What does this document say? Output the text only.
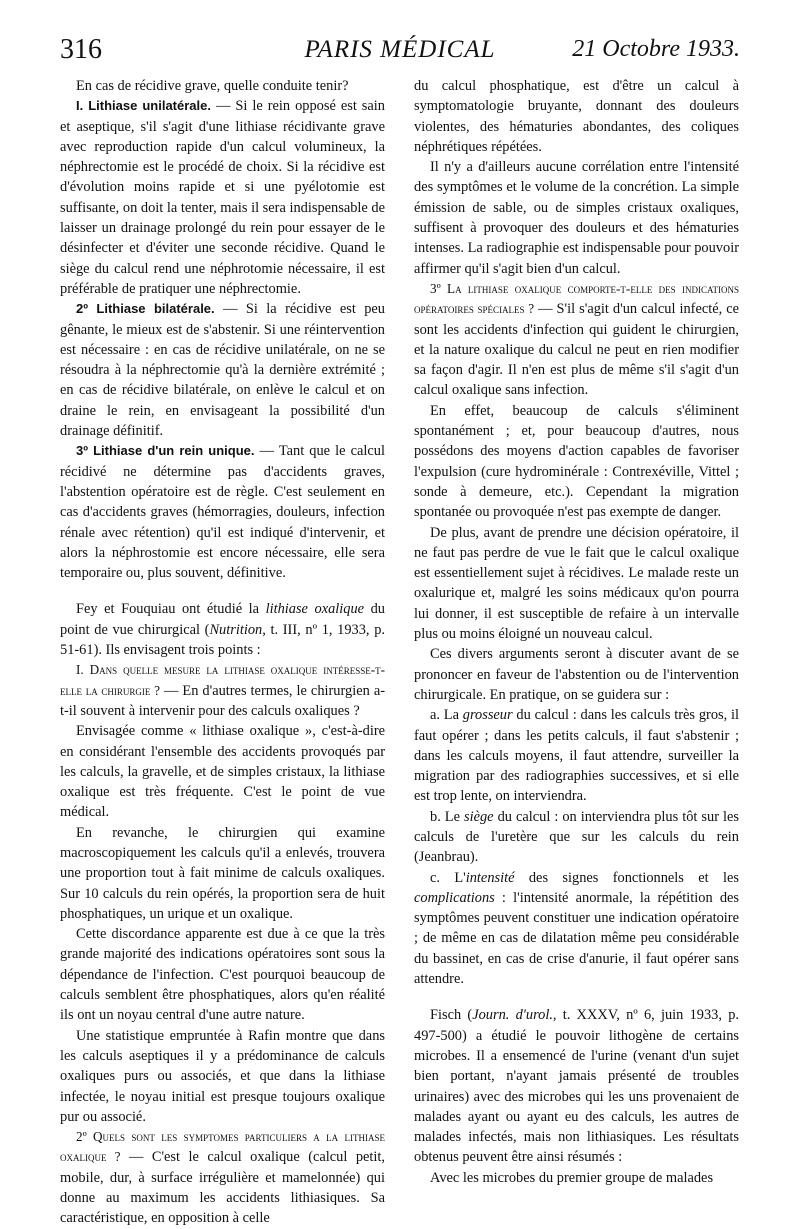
316	PARIS MÉDICAL	21 Octobre 1933.

En cas de récidive grave, quelle conduite tenir?

I. Lithiase unilatérale. — Si le rein opposé est sain et aseptique, s'il s'agit d'une lithiase récidivante grave avec reproduction rapide d'un calcul volumineux, la néphrectomie est le procédé de choix. Si la récidive est d'évolution moins rapide et si une pyélotomie est suffisante, on doit la tenter, mais il sera indispensable de laisser un drainage prolongé du rein pour essayer de le désinfecter et d'éviter une seconde récidive. Quand le siège du calcul rend une néphrotomie nécessaire, il est préférable de pratiquer une néphrectomie.

2º Lithiase bilatérale. — Si la récidive est peu gênante, le mieux est de s'abstenir. Si une réintervention est nécessaire : en cas de récidive unilatérale, on ne se résoudra à la néphrectomie qu'à la dernière extrémité ; en cas de récidive bilatérale, on enlève le calcul et on draine le rein, en envisageant la possibilité d'un drainage définitif.

3º Lithiase d'un rein unique. — Tant que le calcul récidivé ne détermine pas d'accidents graves, l'abstention opératoire est de règle. C'est seulement en cas d'accidents graves (hémorragies, douleurs, infection rénale avec rétention) qu'il est indiqué d'intervenir, et alors la néphrostomie est encore nécessaire, elle sera temporaire ou, plus souvent, définitive.

Fey et Fouquiau ont étudié la lithiase oxalique du point de vue chirurgical (Nutrition, t. III, nº 1, 1933, p. 51-61). Ils envisagent trois points :

I. Dans quelle mesure la lithiase oxalique intéresse-t-elle la chirurgie ? — En d'autres termes, le chirurgien a-t-il souvent à intervenir pour des calculs oxaliques ?

Envisagée comme « lithiase oxalique », c'est-à-dire en considérant l'ensemble des accidents provoqués par les calculs, la gravelle, et de simples cristaux, la lithiase oxalique est très fréquente. C'est le point de vue médical.

En revanche, le chirurgien qui examine macroscopiquement les calculs qu'il a enlevés, trouvera une proportion tout à fait minime de calculs oxaliques. Sur 10 calculs du rein opérés, la proportion sera de huit phosphatiques, un urique et un oxalique.

Cette discordance apparente est due à ce que la très grande majorité des indications opératoires sont sous la dépendance de l'infection. C'est pourquoi beaucoup de calculs semblent être phosphatiques, alors qu'en réalité ils ont un noyau central d'une autre nature.

Une statistique empruntée à Rafin montre que dans les calculs aseptiques il y a prédominance de calculs oxaliques purs ou associés, et que dans la lithiase infectée, le noyau initial est presque toujours oxalique pur ou associé.

2º Quels sont les symptomes particuliers a la lithiase oxalique ? — C'est le calcul oxalique (calcul petit, mobile, dur, à surface irrégulière et mamelonnée) qui donne au maximum les accidents lithiasiques. Sa caractéristique, en opposition à celle

du calcul phosphatique, est d'être un calcul à symptomatologie bruyante, donnant des douleurs violentes, des hématuries abondantes, des coliques néphrétiques répétées.

Il n'y a d'ailleurs aucune corrélation entre l'intensité des symptômes et le volume de la concrétion. La simple émission de sable, ou de simples cristaux oxaliques, suffisent à provoquer des douleurs et des hématuries intenses. La radiographie est indispensable pour pouvoir affirmer qu'il s'agit bien d'un calcul.

3º La lithiase oxalique comporte-t-elle des indications opératoires spéciales ? — S'il s'agit d'un calcul infecté, ce sont les accidents d'infection qui guident le chirurgien, et la nature oxalique du calcul ne peut en rien modifier sa façon d'agir. Il n'en est plus de même s'il s'agit d'un calcul oxalique sans infection.

En effet, beaucoup de calculs s'éliminent spontanément ; et, pour beaucoup d'autres, nous possédons des moyens d'action capables de favoriser l'expulsion (cure hydrominérale : Contrexéville, Vittel ; sonde à demeure, etc.). Cependant la migration spontanée ou provoquée n'est pas exempte de danger.

De plus, avant de prendre une décision opératoire, il ne faut pas perdre de vue le fait que le calcul oxalique est essentiellement sujet à récidives. Le malade reste un oxalurique et, malgré les soins médicaux qu'on pourra lui donner, il est susceptible de refaire à un intervalle plus ou moins éloigné un nouveau calcul.

Ces divers arguments seront à discuter avant de se prononcer en faveur de l'abstention ou de l'intervention chirurgicale. En pratique, on se guidera sur :

a. La grosseur du calcul : dans les calculs très gros, il faut opérer ; dans les petits calculs, il faut s'abstenir ; dans les calculs moyens, il faut attendre, surveiller la migration par des radiographies successives, et si elle est trop lente, on interviendra.

b. Le siège du calcul : on interviendra plus tôt sur les calculs de l'uretère que sur les calculs du rein (Jeanbrau).

c. L'intensité des signes fonctionnels et les complications : l'intensité anormale, la répétition des symptômes peuvent constituer une indication opératoire ; de même en cas de dilatation même peu considérable du bassinet, en cas de crise d'anurie, il faut opérer sans attendre.

Fisch (Journ. d'urol., t. XXXV, nº 6, juin 1933, p. 497-500) a étudié le pouvoir lithogène de certains microbes. Il a ensemencé de l'urine (venant d'un sujet bien portant, n'ayant jamais présenté de troubles urinaires) avec des microbes qui les uns provenaient de malades ayant ou ayant eu des calculs, les autres de malades infectés, mais non lithiasiques. Les résultats obtenus peuvent être ainsi résumés :

Avec les microbes du premier groupe de malades
